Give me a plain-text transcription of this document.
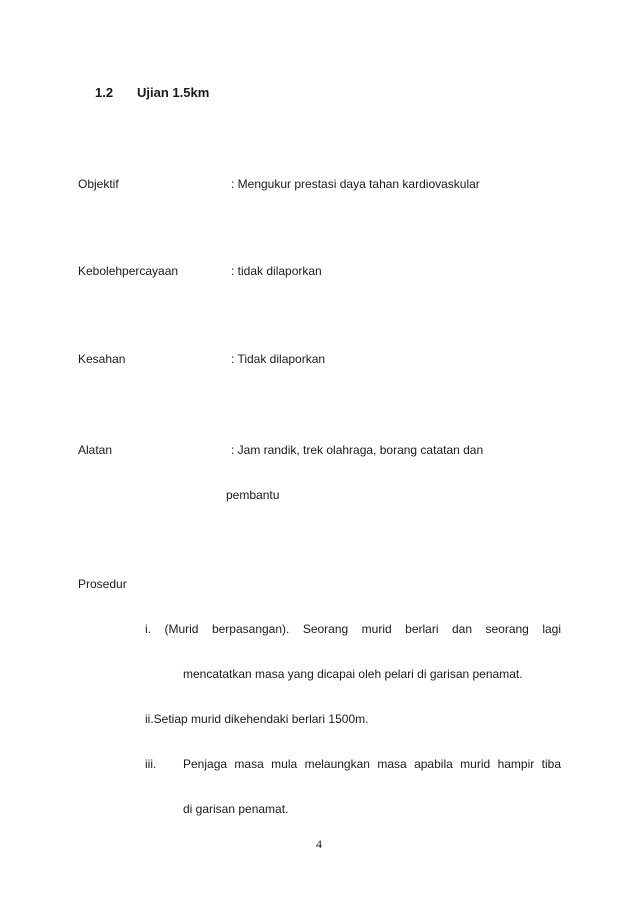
1.2 Ujian 1.5km
Objektif	: Mengukur prestasi daya tahan kardiovaskular
Kebolehpercayaan	: tidak dilaporkan
Kesahan	: Tidak dilaporkan
Alatan	: Jam randik, trek olahraga, borang catatan dan
pembantu
Prosedur
i. (Murid berpasangan). Seorang murid berlari dan seorang lagi
mencatatkan masa yang dicapai oleh pelari di garisan penamat.
ii.Setiap murid dikehendaki berlari 1500m.
iii. Penjaga masa mula melaungkan masa apabila murid hampir tiba
di garisan penamat.
4
